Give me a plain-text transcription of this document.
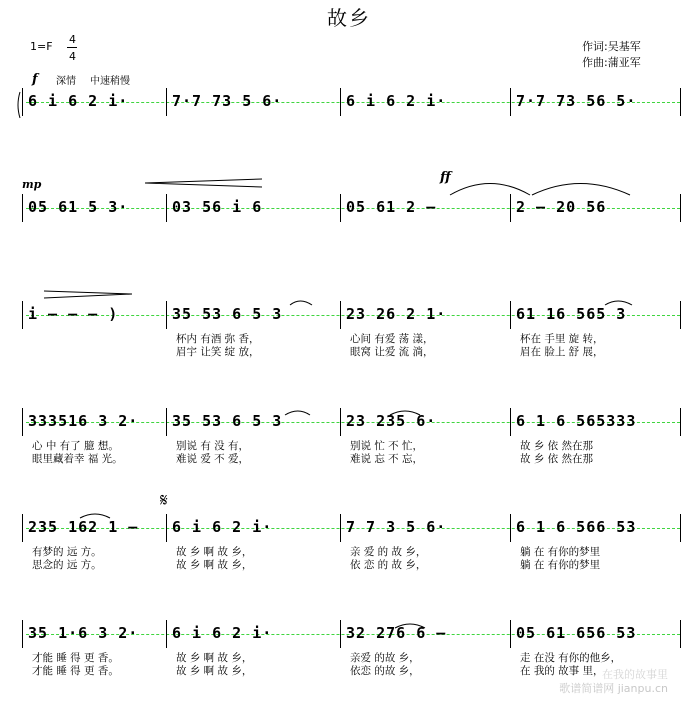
故乡
1=F
4
4
作词:吴基军
作曲:蒲亚军
f 深情 中速稍慢
mp	ff
𝄋
6 i 6 2 i·	7·7 73 5 6·	6 i 6 2 i·	7·7 73 56 5·
05 61 5 3·	03 56 i 6	05 61 2 —	2 — 20 56
i — — — )	35 53 6 5 3
杯内 有酒 弥 香，
眉宇 让笑 绽 放，
23 26 2 1·
心间 有爱 荡 漾，
眼窝 让爱 流 淌，
61 16 565 3
杯在 手里 旋 转，
眉在 脸上 舒 展，
333516 3 2·
心 中 有了 臆 想。
眼里藏着幸 福 光。
35 53 6 5 3
别说 有 没 有，
难说 爱 不 爱，
23 235 6·
别说 忙 不 忙，
难说 忘 不 忘，
6 1 6 565333
故 乡 依 然在那
故 乡 依 然在那
235 162 1 —
有梦的 远 方。
思念的 远 方。
6 i 6 2 i·
故 乡 啊 故 乡，
故 乡 啊 故 乡，
7 7 3 5 6·
亲 爱 的 故 乡，
依 恋 的 故 乡，
6 1 6 566 53
躺 在 有你的梦里
躺 在 有你的梦里
35 1·6 3 2·
才能 睡 得 更 香。
才能 睡 得 更 香。
6 i 6 2 i·
故 乡 啊 故 乡，
故 乡 啊 故 乡，
32 276 6 —
亲爱 的故 乡，
依恋 的故 乡，
05 61 656 53
走 在没 有你的他乡，
在 我的 故事 里，
在我的故事里
歌谱简谱网 jianpu.cn
